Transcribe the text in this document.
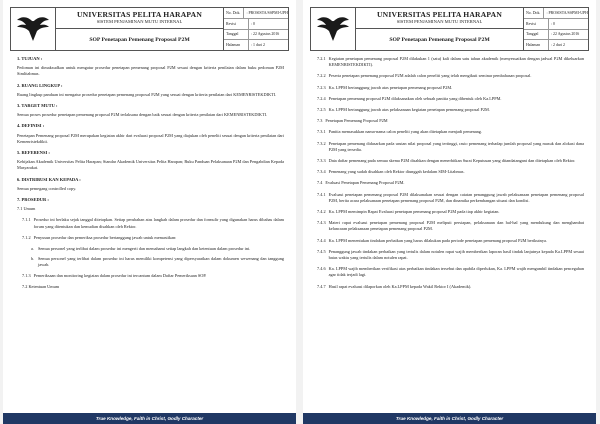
UNIVERSITAS PELITA HARAPAN
SISTEM PENJAMINAN MUTU INTERNAL
SOP Penetapan Pemenang Proposal P2M
No. Dok.	: PROSISTA/SSPMI-UPH
Revisi	: 0
Tanggal	: 22 Agustus 2016
Halaman	: 1 dari 2
1. TUJUAN :

Pedoman ini dimaksudkan untuk mengatur prosedur penetapan pemenang proposal P2M sesuai dengan kriteria penilaian dalam buku pedoman P2M Simlitabmas.

2. RUANG LINGKUP :

Ruang lingkup panduan ini mengatur prosedur penetapan pemenang proposal P2M yang sesuai dengan kriteria penilaian dari KEMENRISTEKDIKTI.

3. TARGET MUTU :

Semua proses prosedur penetapan pemenang proposal P2M terlaksana dengan baik sesuai dengan kriteria penilaian dari KEMENRISTEKDIKTI.

4. DEFINISI :

Penetapan Pemenang proposal P2M merupakan kegiatan akhir dari evaluasi proposal P2M yang diajukan oleh peneliti sesuai dengan kriteria penilaian dari Kemenristekdikti.

5. REFERENSI :

Kebijakan Akademik Universitas Pelita Harapan; Standar Akademik Universitas Pelita Harapan; Buku Panduan Pelaksanaan P2M dan Pengabdian Kepada Masyarakat.

6. DISTRIBUSI KAN KEPADA :

Semua pemegang controlled copy.

7. PROSEDUR :
7.1 Umum
7.1.1 Prosedur ini berlaku sejak tanggal ditetapkan. Setiap perubahan atas langkah dalam prosedur dan formulir yang digunakan harus dibahas dalam forum yang ditentukan dan kemudian disahkan oleh Rektor.
7.1.2 Penyusun prosedur dan pemeriksa prosedur bertanggung jawab untuk memastikan:
a. Semua personel yang terlibat dalam prosedur ini mengerti dan memahami setiap langkah dan ketentuan dalam prosedur ini.
b. Semua personel yang terlibat dalam prosedur ini harus memiliki kompetensi yang dipersyaratkan dalam dokumen wewenang dan tanggung jawab.
7.1.3 Pemeriksaan dan monitoring kegiatan dalam prosedur ini tercantum dalam Daftar Pemeriksaan SOP.
7.2 Ketentuan Umum
True Knowledge, Faith in Christ, Godly Character
UNIVERSITAS PELITA HARAPAN
SISTEM PENJAMINAN MUTU INTERNAL
SOP Penetapan Pemenang Proposal P2M
No. Dok.	: PROSISTA/SSPMI-UPH
Revisi	: 0
Tanggal	: 22 Agustus 2016
Halaman	: 2 dari 2
7.2.1 Kegiatan penetapan pemenang proposal P2M dilakukan 1 (satu) kali dalam satu tahun akademik (menyesuaikan dengan jadwal P2M dikeluarkan KEMENRISTEKDIKTI).
7.2.2 Peserta penetapan pemenang proposal P2M adalah calon peneliti yang telah mengikuti seminar pembahasan proposal.
7.2.3 Ka. LPPM bertanggung jawab atas penetapan pemenang proposal P2M.
7.2.4 Penetapan pemenang proposal P2M dilaksanakan oleh sebuah panitia yang dibentuk oleh Ka.LPPM.
7.2.5 Ka. LPPM bertanggung jawab atas pelaksanaan kegiatan penetapan pemenang proposal P2M.
7.3 Penetapan Pemenang Proposal P2M
7.3.1 Panitia memasukkan nama-nama calon peneliti yang akan ditetapkan menjadi pemenang.
7.3.2 Penetapan pemenang didasarkan pada urutan nilai proposal yang tertinggi, rasio pemenang terhadap jumlah proposal yang masuk dan alokasi dana P2M yang tersedia.
7.3.3 Data daftar pemenang pada semua skema P2M disahkan dengan menerbitkan Surat Keputusan yang ditandatangani dan ditetapkan oleh Rektor.
7.3.4 Pemenang yang sudah disahkan oleh Rektor diunggah kedalam SIM-Litabmas.
7.4 Evaluasi Penetapan Pemenang Proposal P2M.
7.4.1 Evaluasi penetapan pemenang proposal P2M dilaksanakan sesuai dengan catatan penanggung jawab pelaksanaan penetapan pemenang proposal P2M, berita acara pelaksanaan penetapan pemenang proposal P2M, dan dinamika perkembangan situasi dan kondisi.
7.4.2 Ka. LPPM memimpin Rapat Evaluasi penetapan pemenang proposal P2M pada tiap akhir kegiatan.
7.4.3 Materi rapat evaluasi penetapan pemenang proposal P2M meliputi persiapan, pelaksanaan dan hal-hal yang mendukung dan menghambat kelancaran pelaksanaan penetapan pemenang proposal P2M.
7.4.4 Ka. LPPM menentukan tindakan perbaikan yang harus dilakukan pada periode penetapan pemenang proposal P2M berikutnya.
7.4.5 Penanggung jawab tindakan perbaikan yang tertulis dalam notulen rapat wajib memberikan laporan hasil tindak lanjutnya kepada Ka.LPPM sesuai batas waktu yang tertulis dalam notulen rapat.
7.4.6 Ka. LPPM wajib memberikan verifikasi atas perbaikan tindakan tersebut dan apabila diperlukan, Ka. LPPM wajib mengambil tindakan pencegahan agar tidak terjadi lagi.
7.4.7 Hasil rapat evaluasi dilaporkan oleh Ka.LPPM kepada Wakil Rektor I (Akademik).
True Knowledge, Faith in Christ, Godly Character
